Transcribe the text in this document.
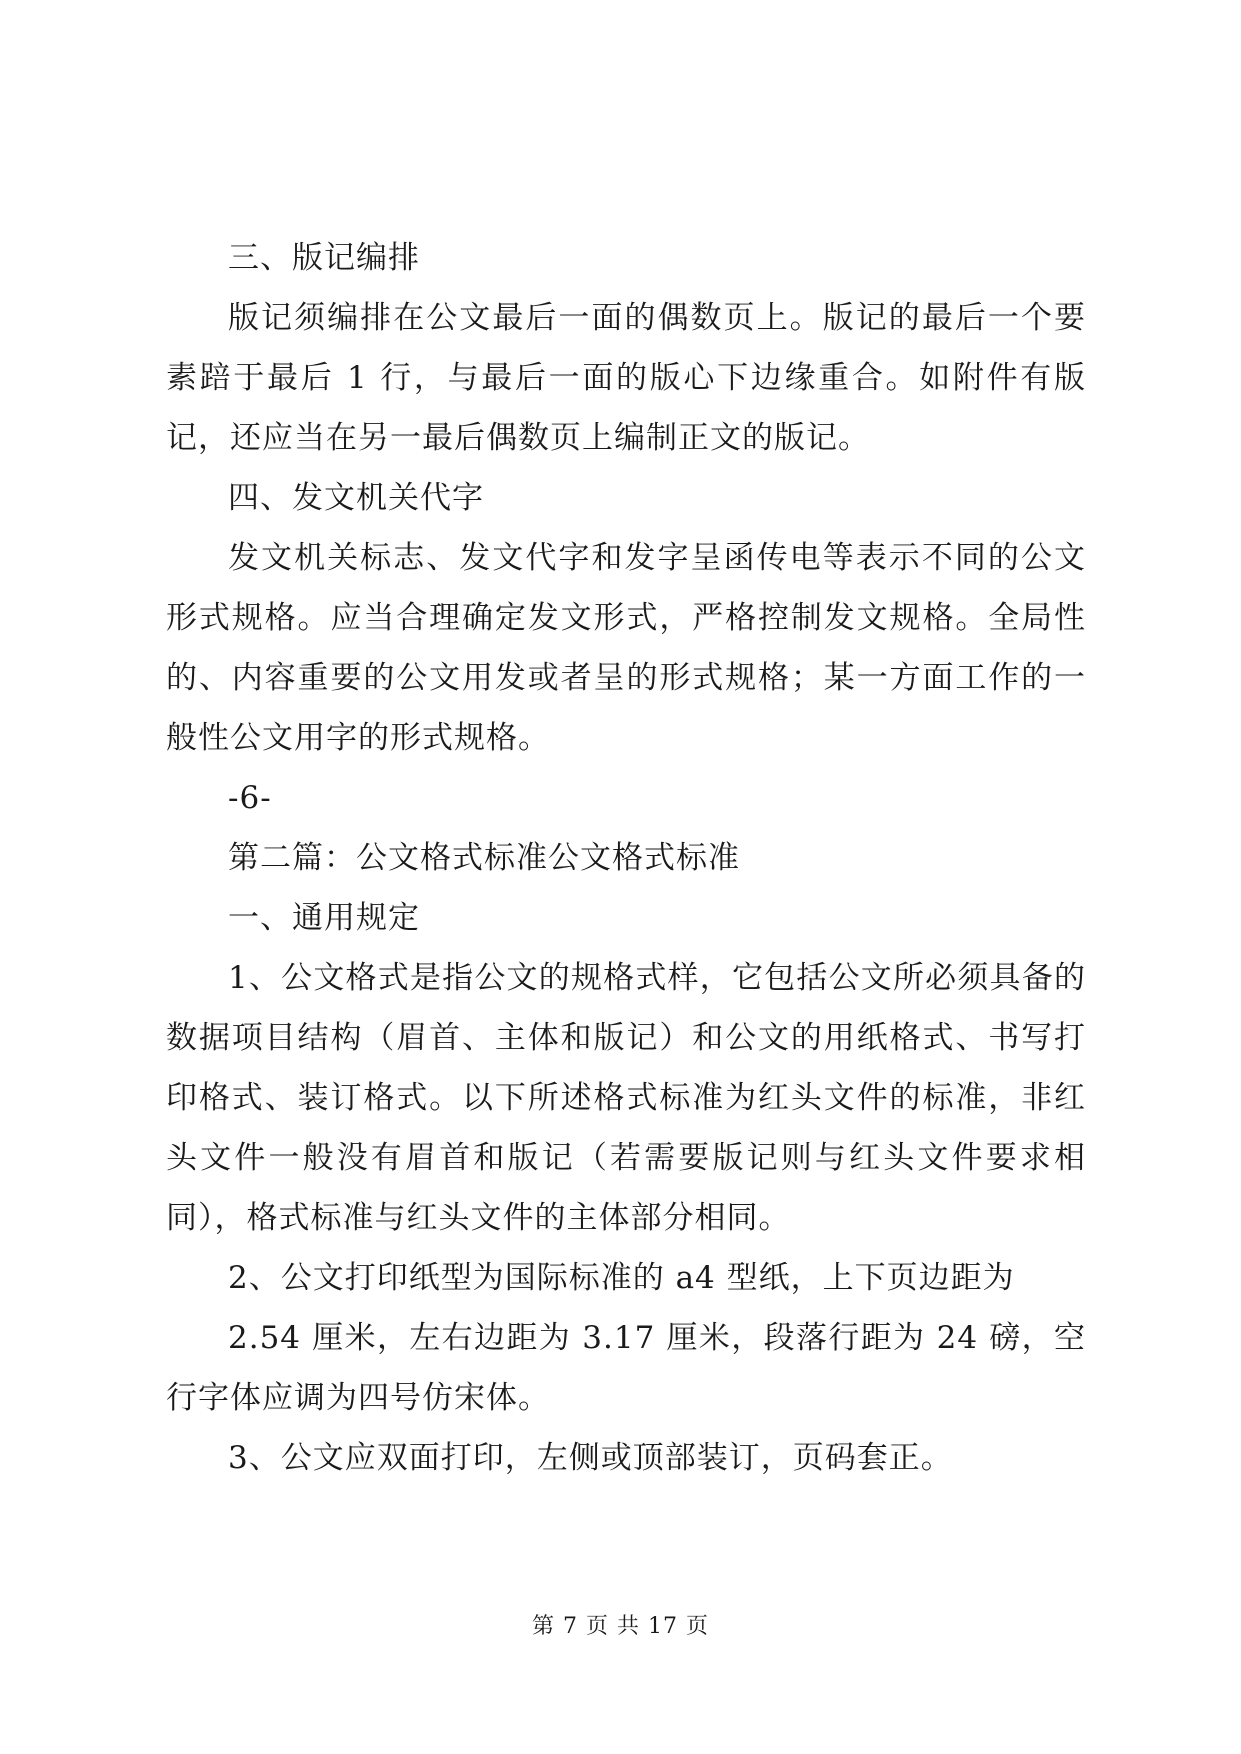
三、版记编排

版记须编排在公文最后一面的偶数页上。版记的最后一个要素踣于最后 1 行，与最后一面的版心下边缘重合。如附件有版记，还应当在另一最后偶数页上编制正文的版记。

四、发文机关代字

发文机关标志、发文代字和发字呈函传电等表示不同的公文形式规格。应当合理确定发文形式，严格控制发文规格。全局性的、内容重要的公文用发或者呈的形式规格；某一方面工作的一般性公文用字的形式规格。

-6-

第二篇：公文格式标准公文格式标准

一、通用规定

1、公文格式是指公文的规格式样，它包括公文所必须具备的数据项目结构（眉首、主体和版记）和公文的用纸格式、书写打印格式、装订格式。以下所述格式标准为红头文件的标准，非红头文件一般没有眉首和版记（若需要版记则与红头文件要求相同），格式标准与红头文件的主体部分相同。

2、公文打印纸型为国际标准的 a4 型纸，上下页边距为

2.54 厘米，左右边距为 3.17 厘米，段落行距为 24 磅，空行字体应调为四号仿宋体。

3、公文应双面打印，左侧或顶部装订，页码套正。

第 7 页 共 17 页
